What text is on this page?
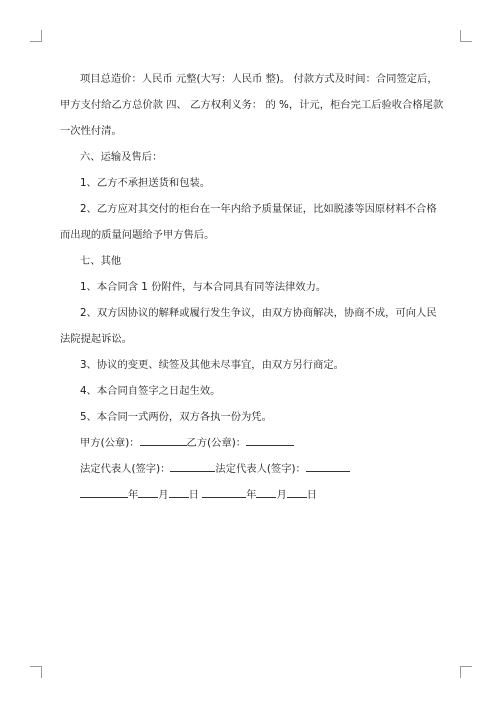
项目总造价：人民币 元整(大写：人民币 整)。 付款方式及时间：合同签定后，

甲方支付给乙方总价款 四、 乙方权利义务： 的 %，计元，柜台完工后验收合格尾款

一次性付清。

六、运输及售后：

1、乙方不承担送货和包装。

2、乙方应对其交付的柜台在一年内给予质量保证，比如脱漆等因原材料不合格

而出现的质量问题给予甲方售后。

七、其他

1、本合同含 1 份附件，与本合同具有同等法律效力。

2、双方因协议的解释或履行发生争议，由双方协商解决，协商不成，可向人民

法院提起诉讼。

3、协议的变更、续签及其他未尽事宜，由双方另行商定。

4、本合同自签字之日起生效。

5、本合同一式两份，双方各执一份为凭。

甲方(公章)：	乙方(公章)：

法定代表人(签字)：	法定代表人(签字)：

年 月 日	年 月 日
